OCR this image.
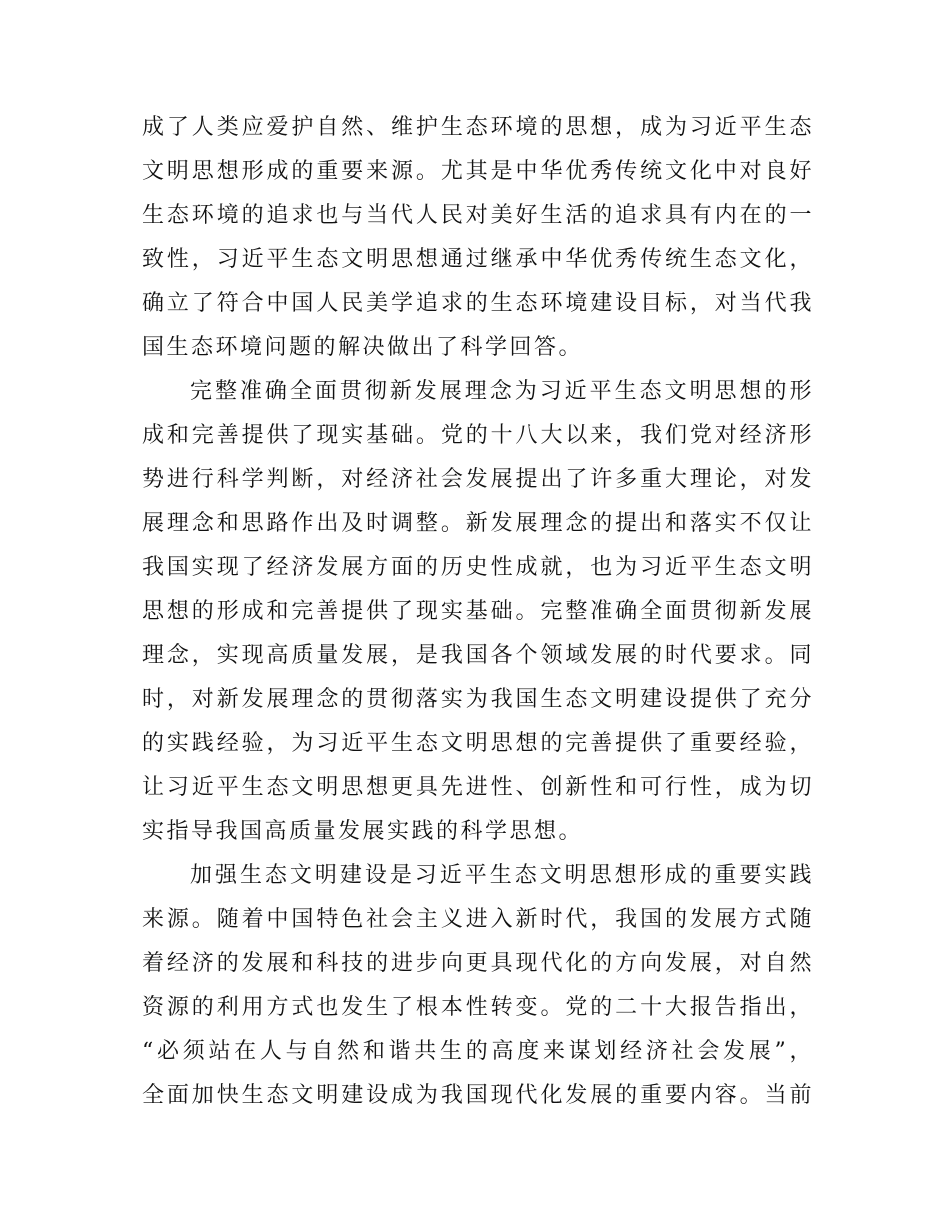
成了人类应爱护自然、维护生态环境的思想，成为习近平生态
文明思想形成的重要来源。尤其是中华优秀传统文化中对良好
生态环境的追求也与当代人民对美好生活的追求具有内在的一
致性，习近平生态文明思想通过继承中华优秀传统生态文化，
确立了符合中国人民美学追求的生态环境建设目标，对当代我
国生态环境问题的解决做出了科学回答。
完整准确全面贯彻新发展理念为习近平生态文明思想的形
成和完善提供了现实基础。党的十八大以来，我们党对经济形
势进行科学判断，对经济社会发展提出了许多重大理论，对发
展理念和思路作出及时调整。新发展理念的提出和落实不仅让
我国实现了经济发展方面的历史性成就，也为习近平生态文明
思想的形成和完善提供了现实基础。完整准确全面贯彻新发展
理念，实现高质量发展，是我国各个领域发展的时代要求。同
时，对新发展理念的贯彻落实为我国生态文明建设提供了充分
的实践经验，为习近平生态文明思想的完善提供了重要经验，
让习近平生态文明思想更具先进性、创新性和可行性，成为切
实指导我国高质量发展实践的科学思想。
加强生态文明建设是习近平生态文明思想形成的重要实践
来源。随着中国特色社会主义进入新时代，我国的发展方式随
着经济的发展和科技的进步向更具现代化的方向发展，对自然
资源的利用方式也发生了根本性转变。党的二十大报告指出，
“必须站在人与自然和谐共生的高度来谋划经济社会发展”，
全面加快生态文明建设成为我国现代化发展的重要内容。当前
